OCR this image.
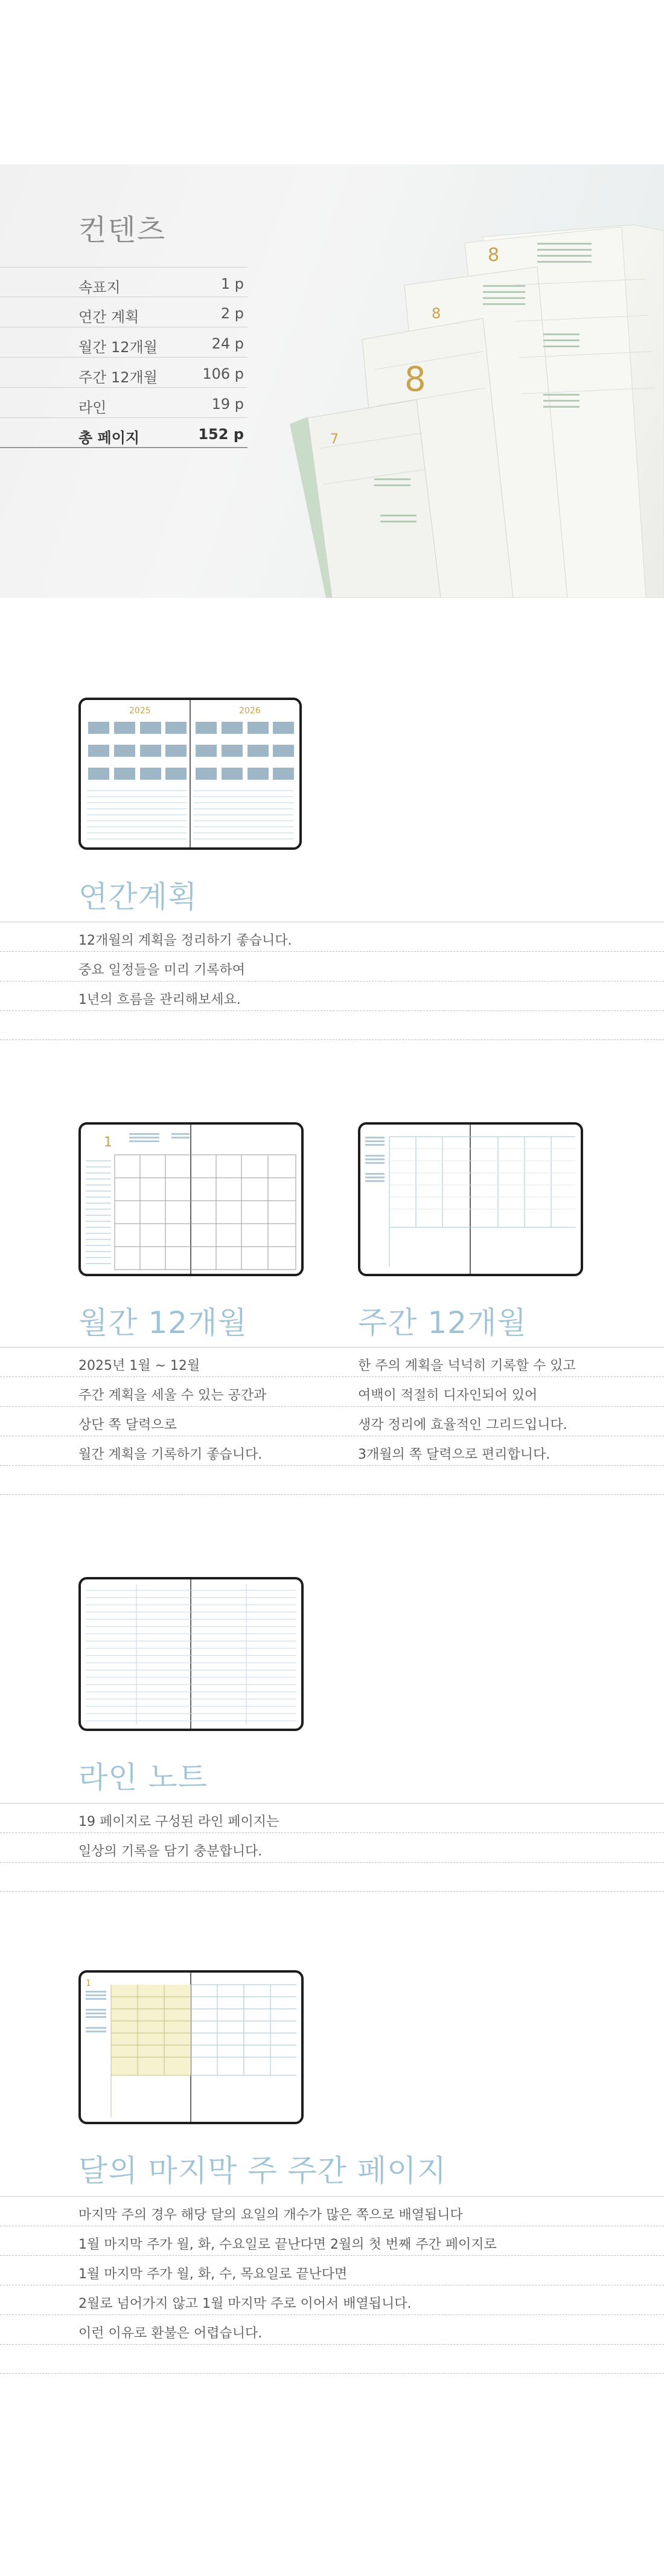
컨텐츠
속표지	1 p
연간 계획	2 p
월간 12개월	24 p
주간 12개월	106 p
라인	19 p
총 페이지	152 p
8
8
8
7
2025	2026
연간계획
12개월의 계획을 정리하기 좋습니다.
중요 일정들을 미리 기록하여
1년의 흐름을 관리해보세요.
1
월간 12개월	주간 12개월
2025년 1월 ~ 12월	한 주의 계획을 넉넉히 기록할 수 있고
주간 계획을 세울 수 있는 공간과	여백이 적절히 디자인되어 있어
상단 쪽 달력으로	생각 정리에 효율적인 그리드입니다.
월간 계획을 기록하기 좋습니다.	3개월의 쪽 달력으로 편리합니다.
라인 노트
19 페이지로 구성된 라인 페이지는
일상의 기록을 담기 충분합니다.
1
달의 마지막 주 주간 페이지
마지막 주의 경우 해당 달의 요일의 개수가 많은 쪽으로 배열됩니다
1월 마지막 주가 월, 화, 수요일로 끝난다면 2월의 첫 번째 주간 페이지로
1월 마지막 주가 월, 화, 수, 목요일로 끝난다면
2월로 넘어가지 않고 1월 마지막 주로 이어서 배열됩니다.
이런 이유로 환불은 어렵습니다.
